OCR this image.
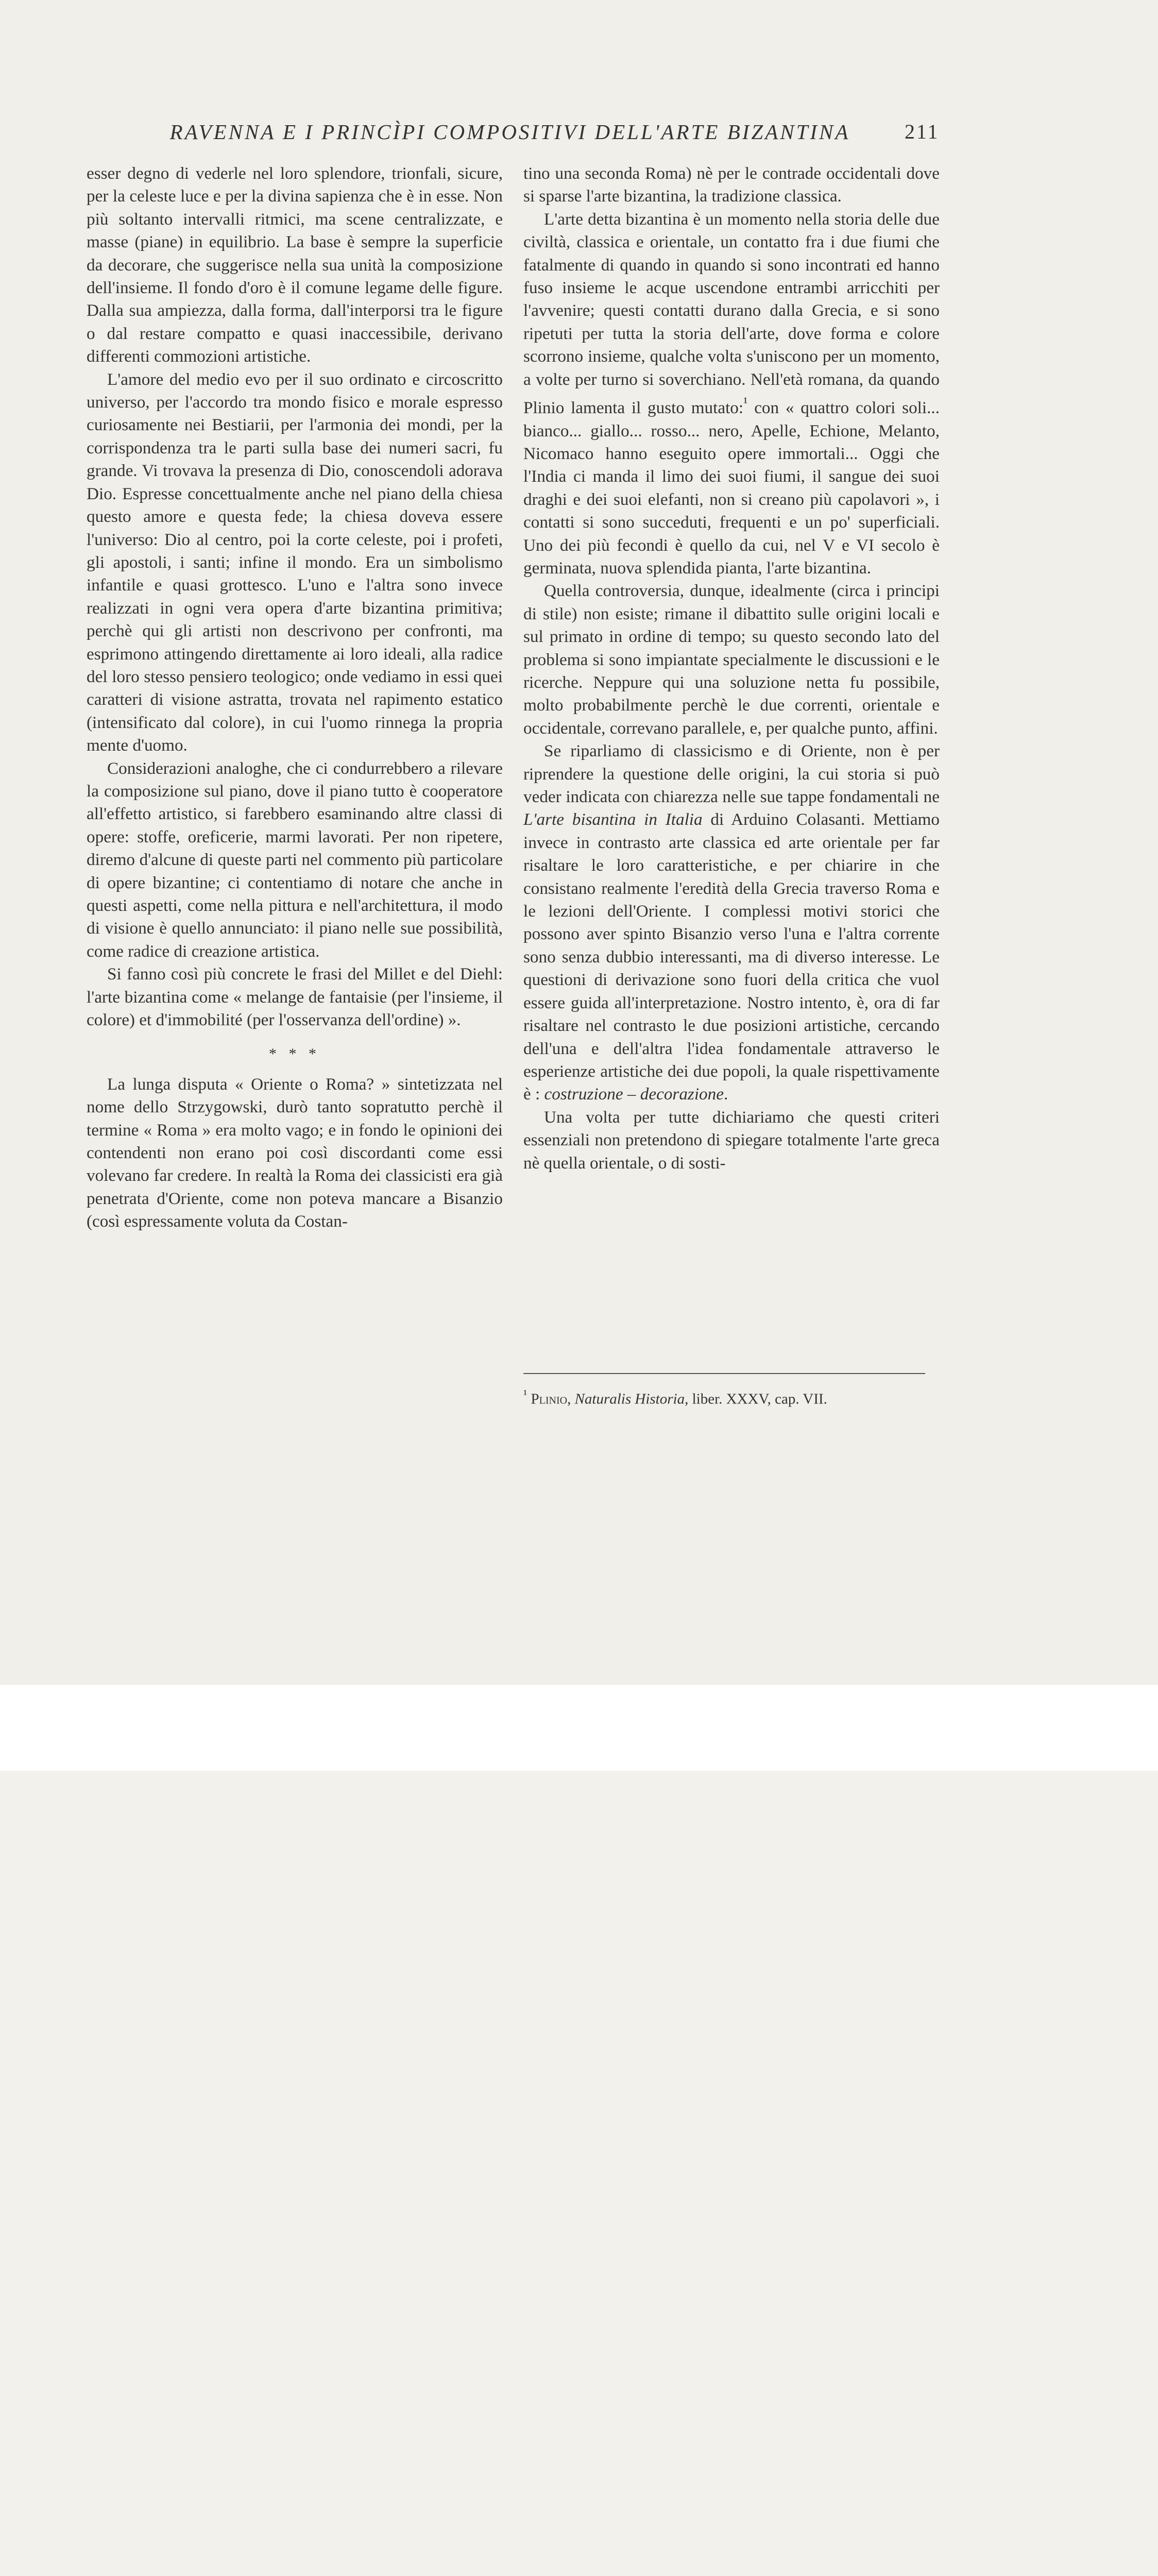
RAVENNA E I PRINCÌPI COMPOSITIVI DELL'ARTE BIZANTINA	211

esser degno di vederle nel loro splendore, trionfali, sicure, per la celeste luce e per la divina sapienza che è in esse. Non più soltanto intervalli ritmici, ma scene centralizzate, e masse (piane) in equilibrio. La base è sempre la superficie da decorare, che suggerisce nella sua unità la composizione dell'insieme. Il fondo d'oro è il comune legame delle figure. Dalla sua ampiezza, dalla forma, dall'interporsi tra le figure o dal restare compatto e quasi inaccessibile, derivano differenti commozioni artistiche.

L'amore del medio evo per il suo ordinato e circoscritto universo, per l'accordo tra mondo fisico e morale espresso curiosamente nei Bestiarii, per l'armonia dei mondi, per la corrispondenza tra le parti sulla base dei numeri sacri, fu grande. Vi trovava la presenza di Dio, conoscendoli adorava Dio. Espresse concettualmente anche nel piano della chiesa questo amore e questa fede; la chiesa doveva essere l'universo: Dio al centro, poi la corte celeste, poi i profeti, gli apostoli, i santi; infine il mondo. Era un simbolismo infantile e quasi grottesco. L'uno e l'altra sono invece realizzati in ogni vera opera d'arte bizantina primitiva; perchè qui gli artisti non descrivono per confronti, ma esprimono attingendo direttamente ai loro ideali, alla radice del loro stesso pensiero teologico; onde vediamo in essi quei caratteri di visione astratta, trovata nel rapimento estatico (intensificato dal colore), in cui l'uomo rinnega la propria mente d'uomo.

Considerazioni analoghe, che ci condurrebbero a rilevare la composizione sul piano, dove il piano tutto è cooperatore all'effetto artistico, si farebbero esaminando altre classi di opere: stoffe, oreficerie, marmi lavorati. Per non ripetere, diremo d'alcune di queste parti nel commento più particolare di opere bizantine; ci contentiamo di notare che anche in questi aspetti, come nella pittura e nell'architettura, il modo di visione è quello annunciato: il piano nelle sue possibilità, come radice di creazione artistica.

Si fanno così più concrete le frasi del Millet e del Diehl: l'arte bizantina come « melange de fantaisie (per l'insieme, il colore) et d'immobilité (per l'osservanza dell'ordine) ».

* * *

La lunga disputa « Oriente o Roma? » sintetizzata nel nome dello Strzygowski, durò tanto sopratutto perchè il termine « Roma » era molto vago; e in fondo le opinioni dei contendenti non erano poi così discordanti come essi volevano far credere. In realtà la Roma dei classicisti era già penetrata d'Oriente, come non poteva mancare a Bisanzio (così espressamente voluta da Costan-

tino una seconda Roma) nè per le contrade occidentali dove si sparse l'arte bizantina, la tradizione classica.

L'arte detta bizantina è un momento nella storia delle due civiltà, classica e orientale, un contatto fra i due fiumi che fatalmente di quando in quando si sono incontrati ed hanno fuso insieme le acque uscendone entrambi arricchiti per l'avvenire; questi contatti durano dalla Grecia, e si sono ripetuti per tutta la storia dell'arte, dove forma e colore scorrono insieme, qualche volta s'uniscono per un momento, a volte per turno si soverchiano. Nell'età romana, da quando Plinio lamenta il gusto mutato:$^{^1}$ con « quattro colori soli... bianco... giallo... rosso... nero, Apelle, Echione, Melanto, Nicomaco hanno eseguito opere immortali... Oggi che l'India ci manda il limo dei suoi fiumi, il sangue dei suoi draghi e dei suoi elefanti, non si creano più capolavori », i contatti si sono succeduti, frequenti e un po' superficiali. Uno dei più fecondi è quello da cui, nel V e VI secolo è germinata, nuova splendida pianta, l'arte bizantina.

Quella controversia, dunque, idealmente (circa i principi di stile) non esiste; rimane il dibattito sulle origini locali e sul primato in ordine di tempo; su questo secondo lato del problema si sono impiantate specialmente le discussioni e le ricerche. Neppure qui una soluzione netta fu possibile, molto probabilmente perchè le due correnti, orientale e occidentale, correvano parallele, e, per qualche punto, affini.

Se riparliamo di classicismo e di Oriente, non è per riprendere la questione delle origini, la cui storia si può veder indicata con chiarezza nelle sue tappe fondamentali ne L'arte bisantina in Italia di Arduino Colasanti. Mettiamo invece in contrasto arte classica ed arte orientale per far risaltare le loro caratteristiche, e per chiarire in che consistano realmente l'eredità della Grecia traverso Roma e le lezioni dell'Oriente. I complessi motivi storici che possono aver spinto Bisanzio verso l'una e l'altra corrente sono senza dubbio interessanti, ma di diverso interesse. Le questioni di derivazione sono fuori della critica che vuol essere guida all'interpretazione. Nostro intento, è, ora di far risaltare nel contrasto le due posizioni artistiche, cercando dell'una e dell'altra l'idea fondamentale attraverso le esperienze artistiche dei due popoli, la quale rispettivamente è : costruzione – decorazione.

Una volta per tutte dichiariamo che questi criteri essenziali non pretendono di spiegare totalmente l'arte greca nè quella orientale, o di sosti-

$^{^1}$ Plinio, Naturalis Historia, liber. XXXV, cap. VII.
